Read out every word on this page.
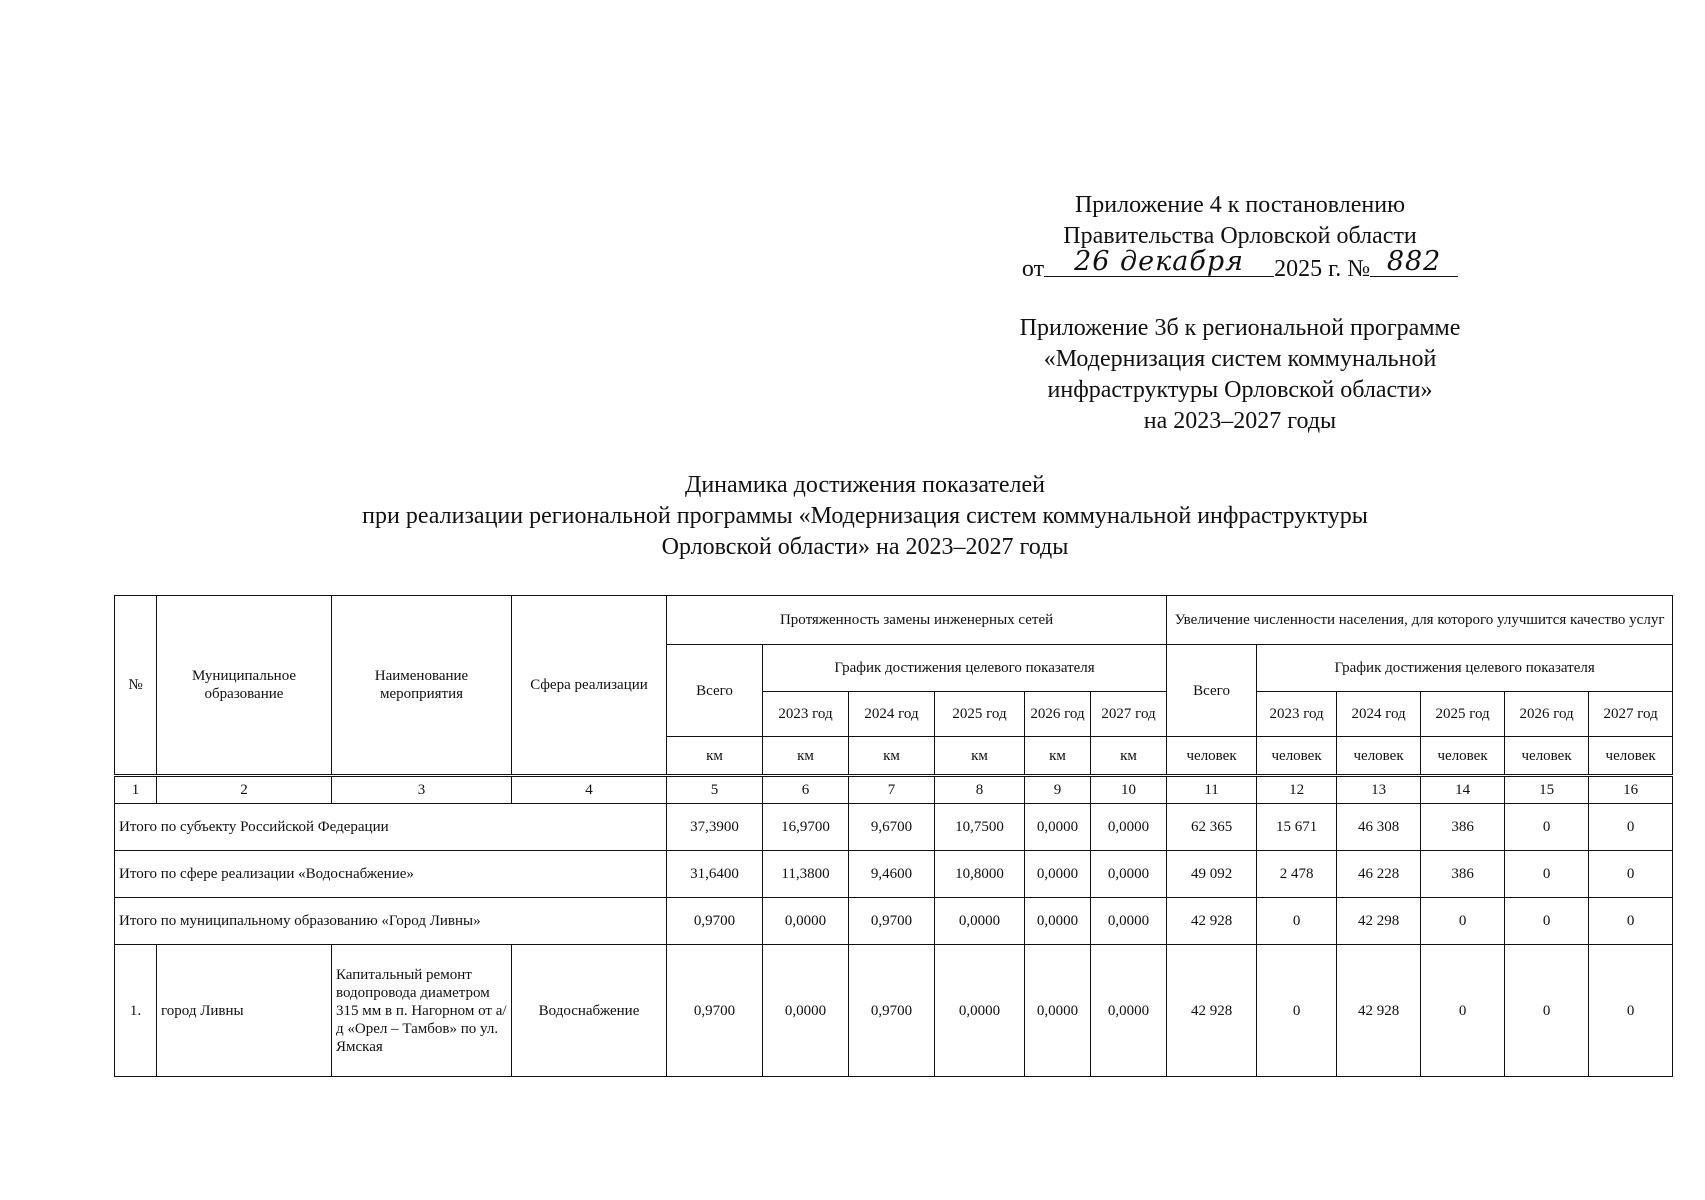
Приложение 4 к постановлению
Правительства Орловской области
от 26 декабря 2025 г. № 882
Приложение 3б к региональной программе
«Модернизация систем коммунальной
инфраструктуры Орловской области»
на 2023–2027 годы
Динамика достижения показателей
при реализации региональной программы «Модернизация систем коммунальной инфраструктуры
Орловской области» на 2023–2027 годы
№	Муниципальное образование	Наименование мероприятия	Сфера реализации	Протяженность замены инженерных сетей						Увеличение численности населения, для которого улучшится качество услуг					
				Всего	График достижения целевого показателя					Всего	График достижения целевого показателя				
					2023 год	2024 год	2025 год	2026 год	2027 год		2023 год	2024 год	2025 год	2026 год	2027 год
				км	км	км	км	км	км	человек	человек	человек	человек	человек	человек
1	2	3	4	5	6	7	8	9	10	11	12	13	14	15	16
Итого по субъекту Российской Федерации				37,3900	16,9700	9,6700	10,7500	0,0000	0,0000	62 365	15 671	46 308	386	0	0
Итого по сфере реализации «Водоснабжение»				31,6400	11,3800	9,4600	10,8000	0,0000	0,0000	49 092	2 478	46 228	386	0	0
Итого по муниципальному образованию «Город Ливны»				0,9700	0,0000	0,9700	0,0000	0,0000	0,0000	42 928	0	42 298	0	0	0
1.	город Ливны	Капитальный ремонт водопровода диаметром 315 мм в п. Нагорном от а/д «Орел – Тамбов» по ул. Ямская	Водоснабжение	0,9700	0,0000	0,9700	0,0000	0,0000	0,0000	42 928	0	42 928	0	0	0
